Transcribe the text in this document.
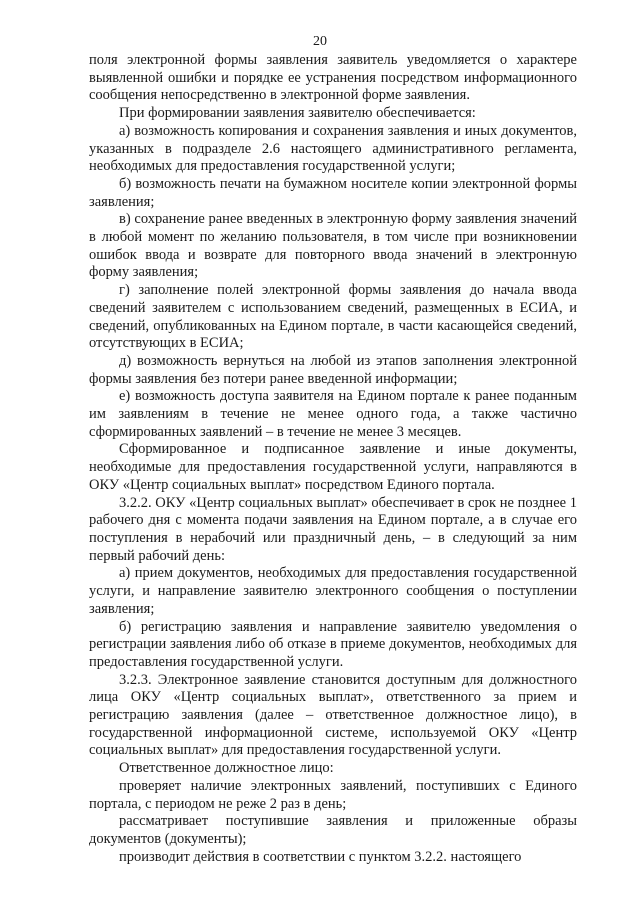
20

поля электронной формы заявления заявитель уведомляется о характере выявленной ошибки и порядке ее устранения посредством информационного сообщения непосредственно в электронной форме заявления.

При формировании заявления заявителю обеспечивается:

а) возможность копирования и сохранения заявления и иных документов, указанных в подразделе 2.6 настоящего административного регламента, необходимых для предоставления государственной услуги;

б) возможность печати на бумажном носителе копии электронной формы заявления;

в) сохранение ранее введенных в электронную форму заявления значений в любой момент по желанию пользователя, в том числе при возникновении ошибок ввода и возврате для повторного ввода значений в электронную форму заявления;

г) заполнение полей электронной формы заявления до начала ввода сведений заявителем с использованием сведений, размещенных в ЕСИА, и сведений, опубликованных на Едином портале, в части касающейся сведений, отсутствующих в ЕСИА;

д) возможность вернуться на любой из этапов заполнения электронной формы заявления без потери ранее введенной информации;

е) возможность доступа заявителя на Едином портале к ранее поданным им заявлениям в течение не менее одного года, а также частично сформированных заявлений – в течение не менее 3 месяцев.

Сформированное и подписанное заявление и иные документы, необходимые для предоставления государственной услуги, направляются в ОКУ «Центр социальных выплат» посредством Единого портала.

3.2.2. ОКУ «Центр социальных выплат» обеспечивает в срок не позднее 1 рабочего дня с момента подачи заявления на Едином портале, а в случае его поступления в нерабочий или праздничный день, – в следующий за ним первый рабочий день:

а) прием документов, необходимых для предоставления государственной услуги, и направление заявителю электронного сообщения о поступлении заявления;

б) регистрацию заявления и направление заявителю уведомления о регистрации заявления либо об отказе в приеме документов, необходимых для предоставления государственной услуги.

3.2.3. Электронное заявление становится доступным для должностного лица ОКУ «Центр социальных выплат», ответственного за прием и регистрацию заявления (далее – ответственное должностное лицо), в государственной информационной системе, используемой ОКУ «Центр социальных выплат» для предоставления государственной услуги.

Ответственное должностное лицо:

проверяет наличие электронных заявлений, поступивших с Единого портала, с периодом не реже 2 раз в день;

рассматривает поступившие заявления и приложенные образы документов (документы);

производит действия в соответствии с пунктом 3.2.2. настоящего
